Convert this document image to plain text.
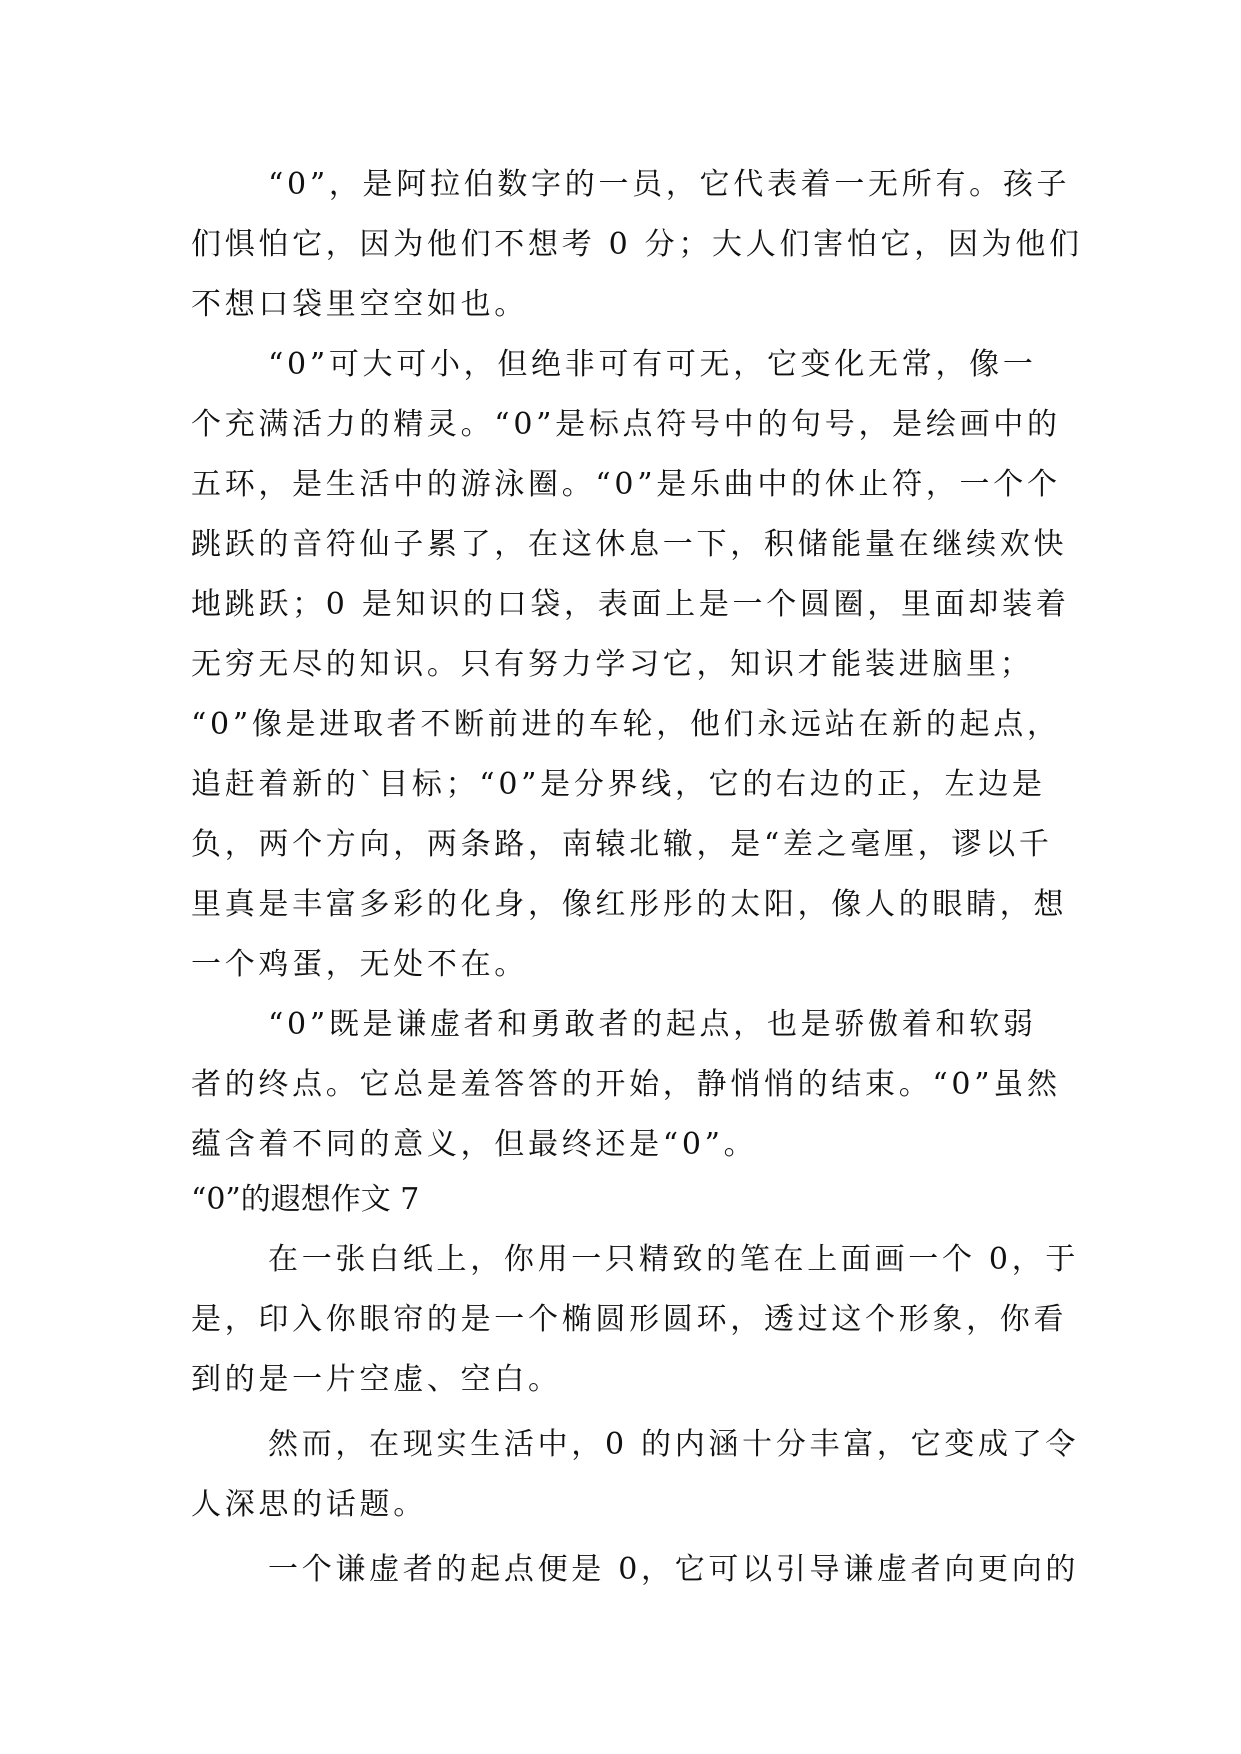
“0”，是阿拉伯数字的一员，它代表着一无所有。孩子
们惧怕它，因为他们不想考 0 分；大人们害怕它，因为他们
不想口袋里空空如也。
“0”可大可小，但绝非可有可无，它变化无常，像一
个充满活力的精灵。“0”是标点符号中的句号，是绘画中的
五环，是生活中的游泳圈。“0”是乐曲中的休止符，一个个
跳跃的音符仙子累了，在这休息一下，积储能量在继续欢快
地跳跃；0 是知识的口袋，表面上是一个圆圈，里面却装着
无穷无尽的知识。只有努力学习它，知识才能装进脑里；
“0”像是进取者不断前进的车轮，他们永远站在新的起点，
追赶着新的`目标；“0”是分界线，它的右边的正，左边是
负，两个方向，两条路，南辕北辙，是“差之毫厘，谬以千
里真是丰富多彩的化身，像红彤彤的太阳，像人的眼睛，想
一个鸡蛋，无处不在。
“0”既是谦虚者和勇敢者的起点，也是骄傲着和软弱
者的终点。它总是羞答答的开始，静悄悄的结束。“0”虽然
蕴含着不同的意义，但最终还是“0”。
“0”的遐想作文 7
在一张白纸上，你用一只精致的笔在上面画一个 0，于
是，印入你眼帘的是一个椭圆形圆环，透过这个形象，你看
到的是一片空虚、空白。
然而，在现实生活中，0 的内涵十分丰富，它变成了令
人深思的话题。
一个谦虚者的起点便是 0，它可以引导谦虚者向更向的
